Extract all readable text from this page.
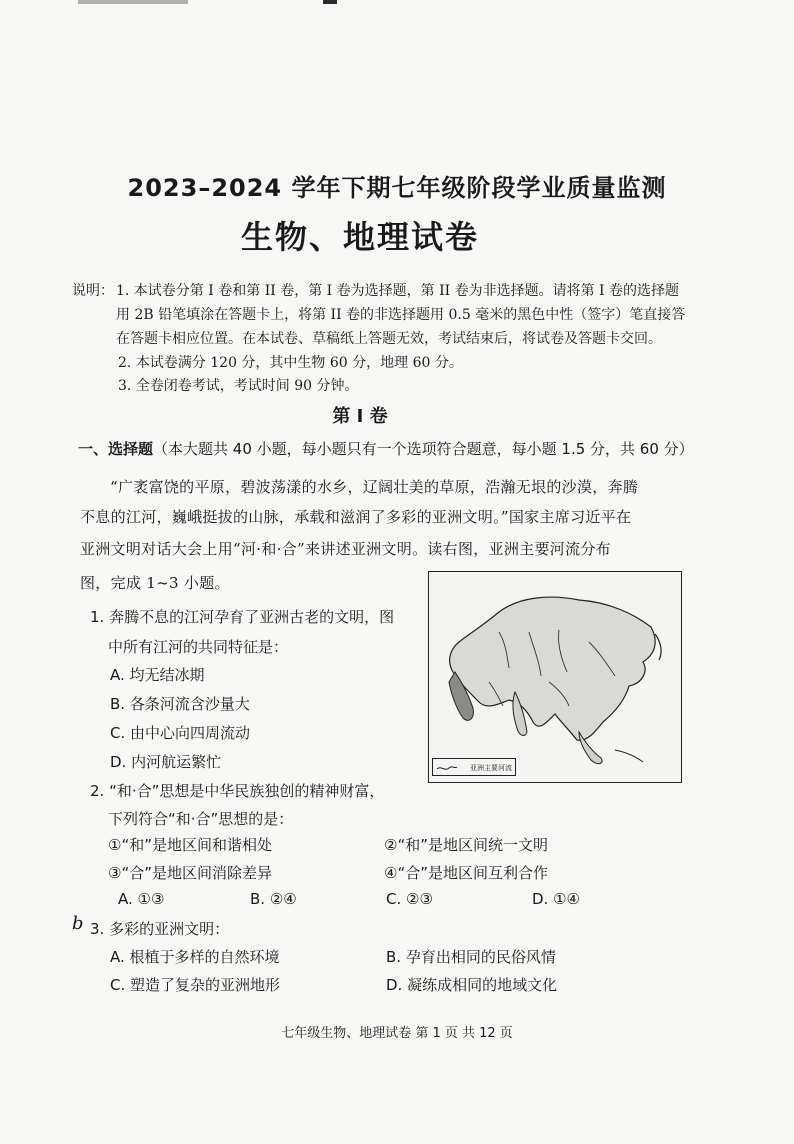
2023–2024 学年下期七年级阶段学业质量监测
生物、地理试卷
说明： 1. 本试卷分第 I 卷和第 II 卷，第 I 卷为选择题，第 II 卷为非选择题。请将第 I 卷的选择题
用 2B 铅笔填涂在答题卡上，将第 II 卷的非选择题用 0.5 毫米的黑色中性（签字）笔直接答
在答题卡相应位置。在本试卷、草稿纸上答题无效，考试结束后，将试卷及答题卡交回。
2. 本试卷满分 120 分，其中生物 60 分，地理 60 分。
3. 全卷闭卷考试，考试时间 90 分钟。
第 I 卷
一、选择题（本大题共 40 小题，每小题只有一个选项符合题意，每小题 1.5 分，共 60 分）
“广袤富饶的平原，碧波荡漾的水乡，辽阔壮美的草原，浩瀚无垠的沙漠，奔腾
不息的江河，巍峨挺拔的山脉，承载和滋润了多彩的亚洲文明。”国家主席习近平在
亚洲文明对话大会上用“河·和·合”来讲述亚洲文明。读右图，亚洲主要河流分布
图，完成 1~3 小题。
亚洲主要河流
1. 奔腾不息的江河孕育了亚洲古老的文明，图
中所有江河的共同特征是：
A. 均无结冰期
B. 各条河流含沙量大
C. 由中心向四周流动
D. 内河航运繁忙
2. “和·合”思想是中华民族独创的精神财富，
下列符合“和·合”思想的是：
①“和”是地区间和谐相处	②“和”是地区间统一文明
③“合”是地区间消除差异	④“合”是地区间互利合作
A. ①③	B. ②④	C. ②③	D. ①④
b 3. 多彩的亚洲文明：
A. 根植于多样的自然环境	B. 孕育出相同的民俗风情
C. 塑造了复杂的亚洲地形	D. 凝练成相同的地域文化
七年级生物、地理试卷 第 1 页 共 12 页
